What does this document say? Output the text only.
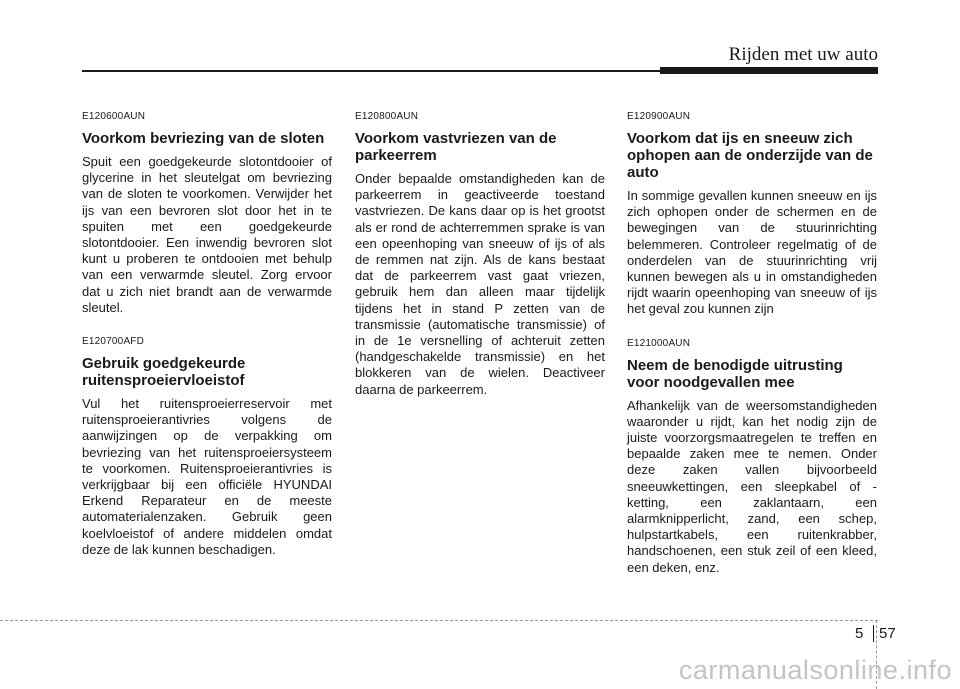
Rijden met uw auto

E120600AUN

Voorkom bevriezing van de sloten

Spuit een goedgekeurde slotontdooier of glycerine in het sleutelgat om bevriezing van de sloten te voorkomen. Verwijder het ijs van een bevroren slot door het in te spuiten met een goedgekeurde slotontdooier. Een inwendig bevroren slot kunt u proberen te ontdooien met behulp van een verwarmde sleutel. Zorg ervoor dat u zich niet brandt aan de verwarmde sleutel.

E120700AFD

Gebruik goedgekeurde ruitensproeiervloeistof

Vul het ruitensproeierreservoir met ruitensproeierantivries volgens de aanwijzingen op de verpakking om bevriezing van het ruitensproeiersysteem te voorkomen. Ruitensproeierantivries is verkrijgbaar bij een officiële HYUNDAI Erkend Reparateur en de meeste automaterialenzaken. Gebruik geen koelvloeistof of andere middelen omdat deze de lak kunnen beschadigen.

E120800AUN

Voorkom vastvriezen van de parkeerrem

Onder bepaalde omstandigheden kan de parkeerrem in geactiveerde toestand vastvriezen. De kans daar op is het grootst als er rond de achterremmen sprake is van een opeenhoping van sneeuw of ijs of als de remmen nat zijn. Als de kans bestaat dat de parkeerrem vast gaat vriezen, gebruik hem dan alleen maar tijdelijk tijdens het in stand P zetten van de transmissie (automatische transmissie) of in de 1e versnelling of achteruit zetten (handgeschakelde transmissie) en het blokkeren van de wielen. Deactiveer daarna de parkeerrem.

E120900AUN

Voorkom dat ijs en sneeuw zich ophopen aan de onderzijde van de auto

In sommige gevallen kunnen sneeuw en ijs zich ophopen onder de schermen en de bewegingen van de stuurinrichting belemmeren. Controleer regelmatig of de onderdelen van de stuurinrichting vrij kunnen bewegen als u in omstandigheden rijdt waarin opeenhoping van sneeuw of ijs het geval zou kunnen zijn

E121000AUN

Neem de benodigde uitrusting voor noodgevallen mee

Afhankelijk van de weersomstandigheden waaronder u rijdt, kan het nodig zijn de juiste voorzorgsmaatregelen te treffen en bepaalde zaken mee te nemen. Onder deze zaken vallen bijvoorbeeld sneeuwkettingen, een sleepkabel of -ketting, een zaklantaarn, een alarmknipperlicht, zand, een schep, hulpstartkabels, een ruitenkrabber, handschoenen, een stuk zeil of een kleed, een deken, enz.

5 57
carmanualsonline.info
